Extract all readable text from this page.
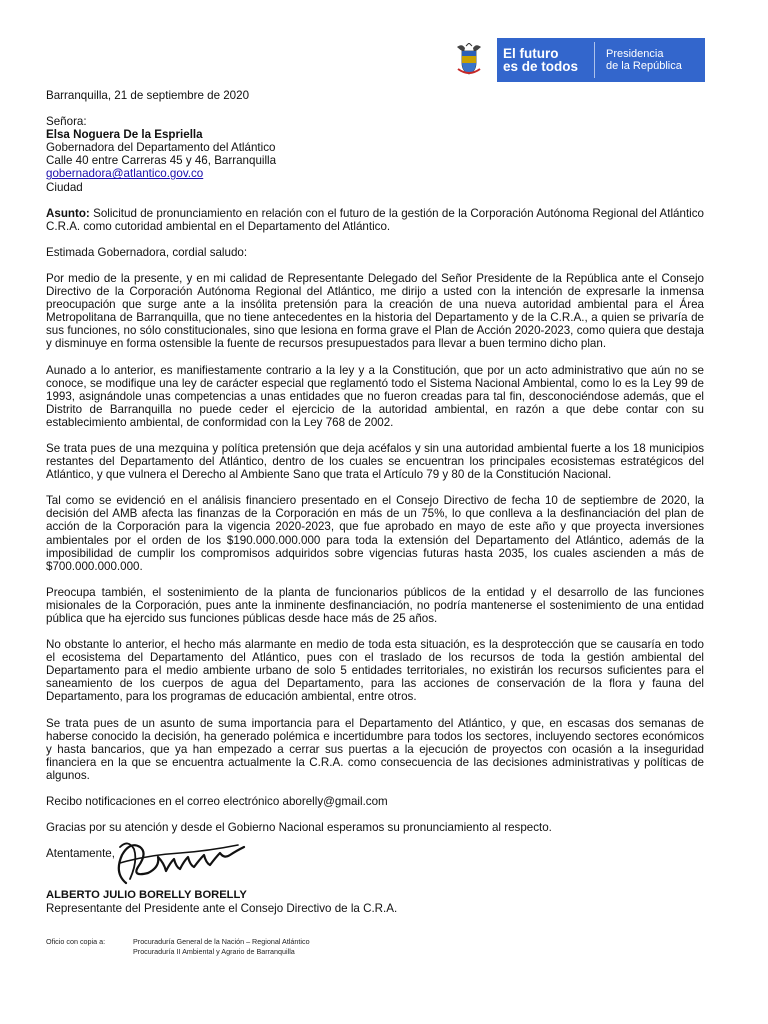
El futuro
es de todos
Presidencia
de la República

Barranquilla, 21 de septiembre de 2020

Señora:
Elsa Noguera De la Espriella
Gobernadora del Departamento del Atlántico
Calle 40 entre Carreras 45 y 46, Barranquilla
gobernadora@atlantico.gov.co
Ciudad

Asunto: Solicitud de pronunciamiento en relación con el futuro de la gestión de la Corporación Autónoma Regional del Atlántico C.R.A. como cutoridad ambiental en el Departamento del Atlántico.

Estimada Gobernadora, cordial saludo:

Por medio de la presente, y en mi calidad de Representante Delegado del Señor Presidente de la República ante el Consejo Directivo de la Corporación Autónoma Regional del Atlántico, me dirijo a usted con la intención de expresarle la inmensa preocupación que surge ante a la insólita pretensión para la creación de una nueva autoridad ambiental para el Área Metropolitana de Barranquilla, que no tiene antecedentes en la historia del Departamento y de la C.R.A., a quien se privaría de sus funciones, no sólo constitucionales, sino que lesiona en forma grave el Plan de Acción 2020-2023, como quiera que destaja y disminuye en forma ostensible la fuente de recursos presupuestados para llevar a buen termino dicho plan.

Aunado a lo anterior, es manifiestamente contrario a la ley y a la Constitución, que por un acto administrativo que aún no se conoce, se modifique una ley de carácter especial que reglamentó todo el Sistema Nacional Ambiental, como lo es la Ley 99 de 1993, asignándole unas competencias a unas entidades que no fueron creadas para tal fin, desconociéndose además, que el Distrito de Barranquilla no puede ceder el ejercicio de la autoridad ambiental, en razón a que debe contar con su establecimiento ambiental, de conformidad con la Ley 768 de 2002.

Se trata pues de una mezquina y política pretensión que deja acéfalos y sin una autoridad ambiental fuerte a los 18 municipios restantes del Departamento del Atlántico, dentro de los cuales se encuentran los principales ecosistemas estratégicos del Atlántico, y que vulnera el Derecho al Ambiente Sano que trata el Artículo 79 y 80 de la Constitución Nacional.

Tal como se evidenció en el análisis financiero presentado en el Consejo Directivo de fecha 10 de septiembre de 2020, la decisión del AMB afecta las finanzas de la Corporación en más de un 75%, lo que conlleva a la desfinanciación del plan de acción de la Corporación para la vigencia 2020-2023, que fue aprobado en mayo de este año y que proyecta inversiones ambientales por el orden de los $190.000.000.000 para toda la extensión del Departamento del Atlántico, además de la imposibilidad de cumplir los compromisos adquiridos sobre vigencias futuras hasta 2035, los cuales ascienden a más de $700.000.000.000.

Preocupa también, el sostenimiento de la planta de funcionarios públicos de la entidad y el desarrollo de las funciones misionales de la Corporación, pues ante la inminente desfinanciación, no podría mantenerse el sostenimiento de una entidad pública que ha ejercido sus funciones públicas desde hace más de 25 años.

No obstante lo anterior, el hecho más alarmante en medio de toda esta situación, es la desprotección que se causaría en todo el ecosistema del Departamento del Atlántico, pues con el traslado de los recursos de toda la gestión ambiental del Departamento para el medio ambiente urbano de solo 5 entidades territoriales, no existirán los recursos suficientes para el saneamiento de los cuerpos de agua del Departamento, para las acciones de conservación de la flora y fauna del Departamento, para los programas de educación ambiental, entre otros.

Se trata pues de un asunto de suma importancia para el Departamento del Atlántico, y que, en escasas dos semanas de haberse conocido la decisión, ha generado polémica e incertidumbre para todos los sectores, incluyendo sectores económicos y hasta bancarios, que ya han empezado a cerrar sus puertas a la ejecución de proyectos con ocasión a la inseguridad financiera en la que se encuentra actualmente la C.R.A. como consecuencia de las decisiones administrativas y políticas de algunos.

Recibo notificaciones en el correo electrónico aborelly@gmail.com

Gracias por su atención y desde el Gobierno Nacional esperamos su pronunciamiento al respecto.

Atentamente,
ALBERTO JULIO BORELLY BORELLY
Representante del Presidente ante el Consejo Directivo de la C.R.A.
Oficio con copia a:	Procuraduría General de la Nación – Regional Atlántico
Procuraduría II Ambiental y Agrario de Barranquilla
